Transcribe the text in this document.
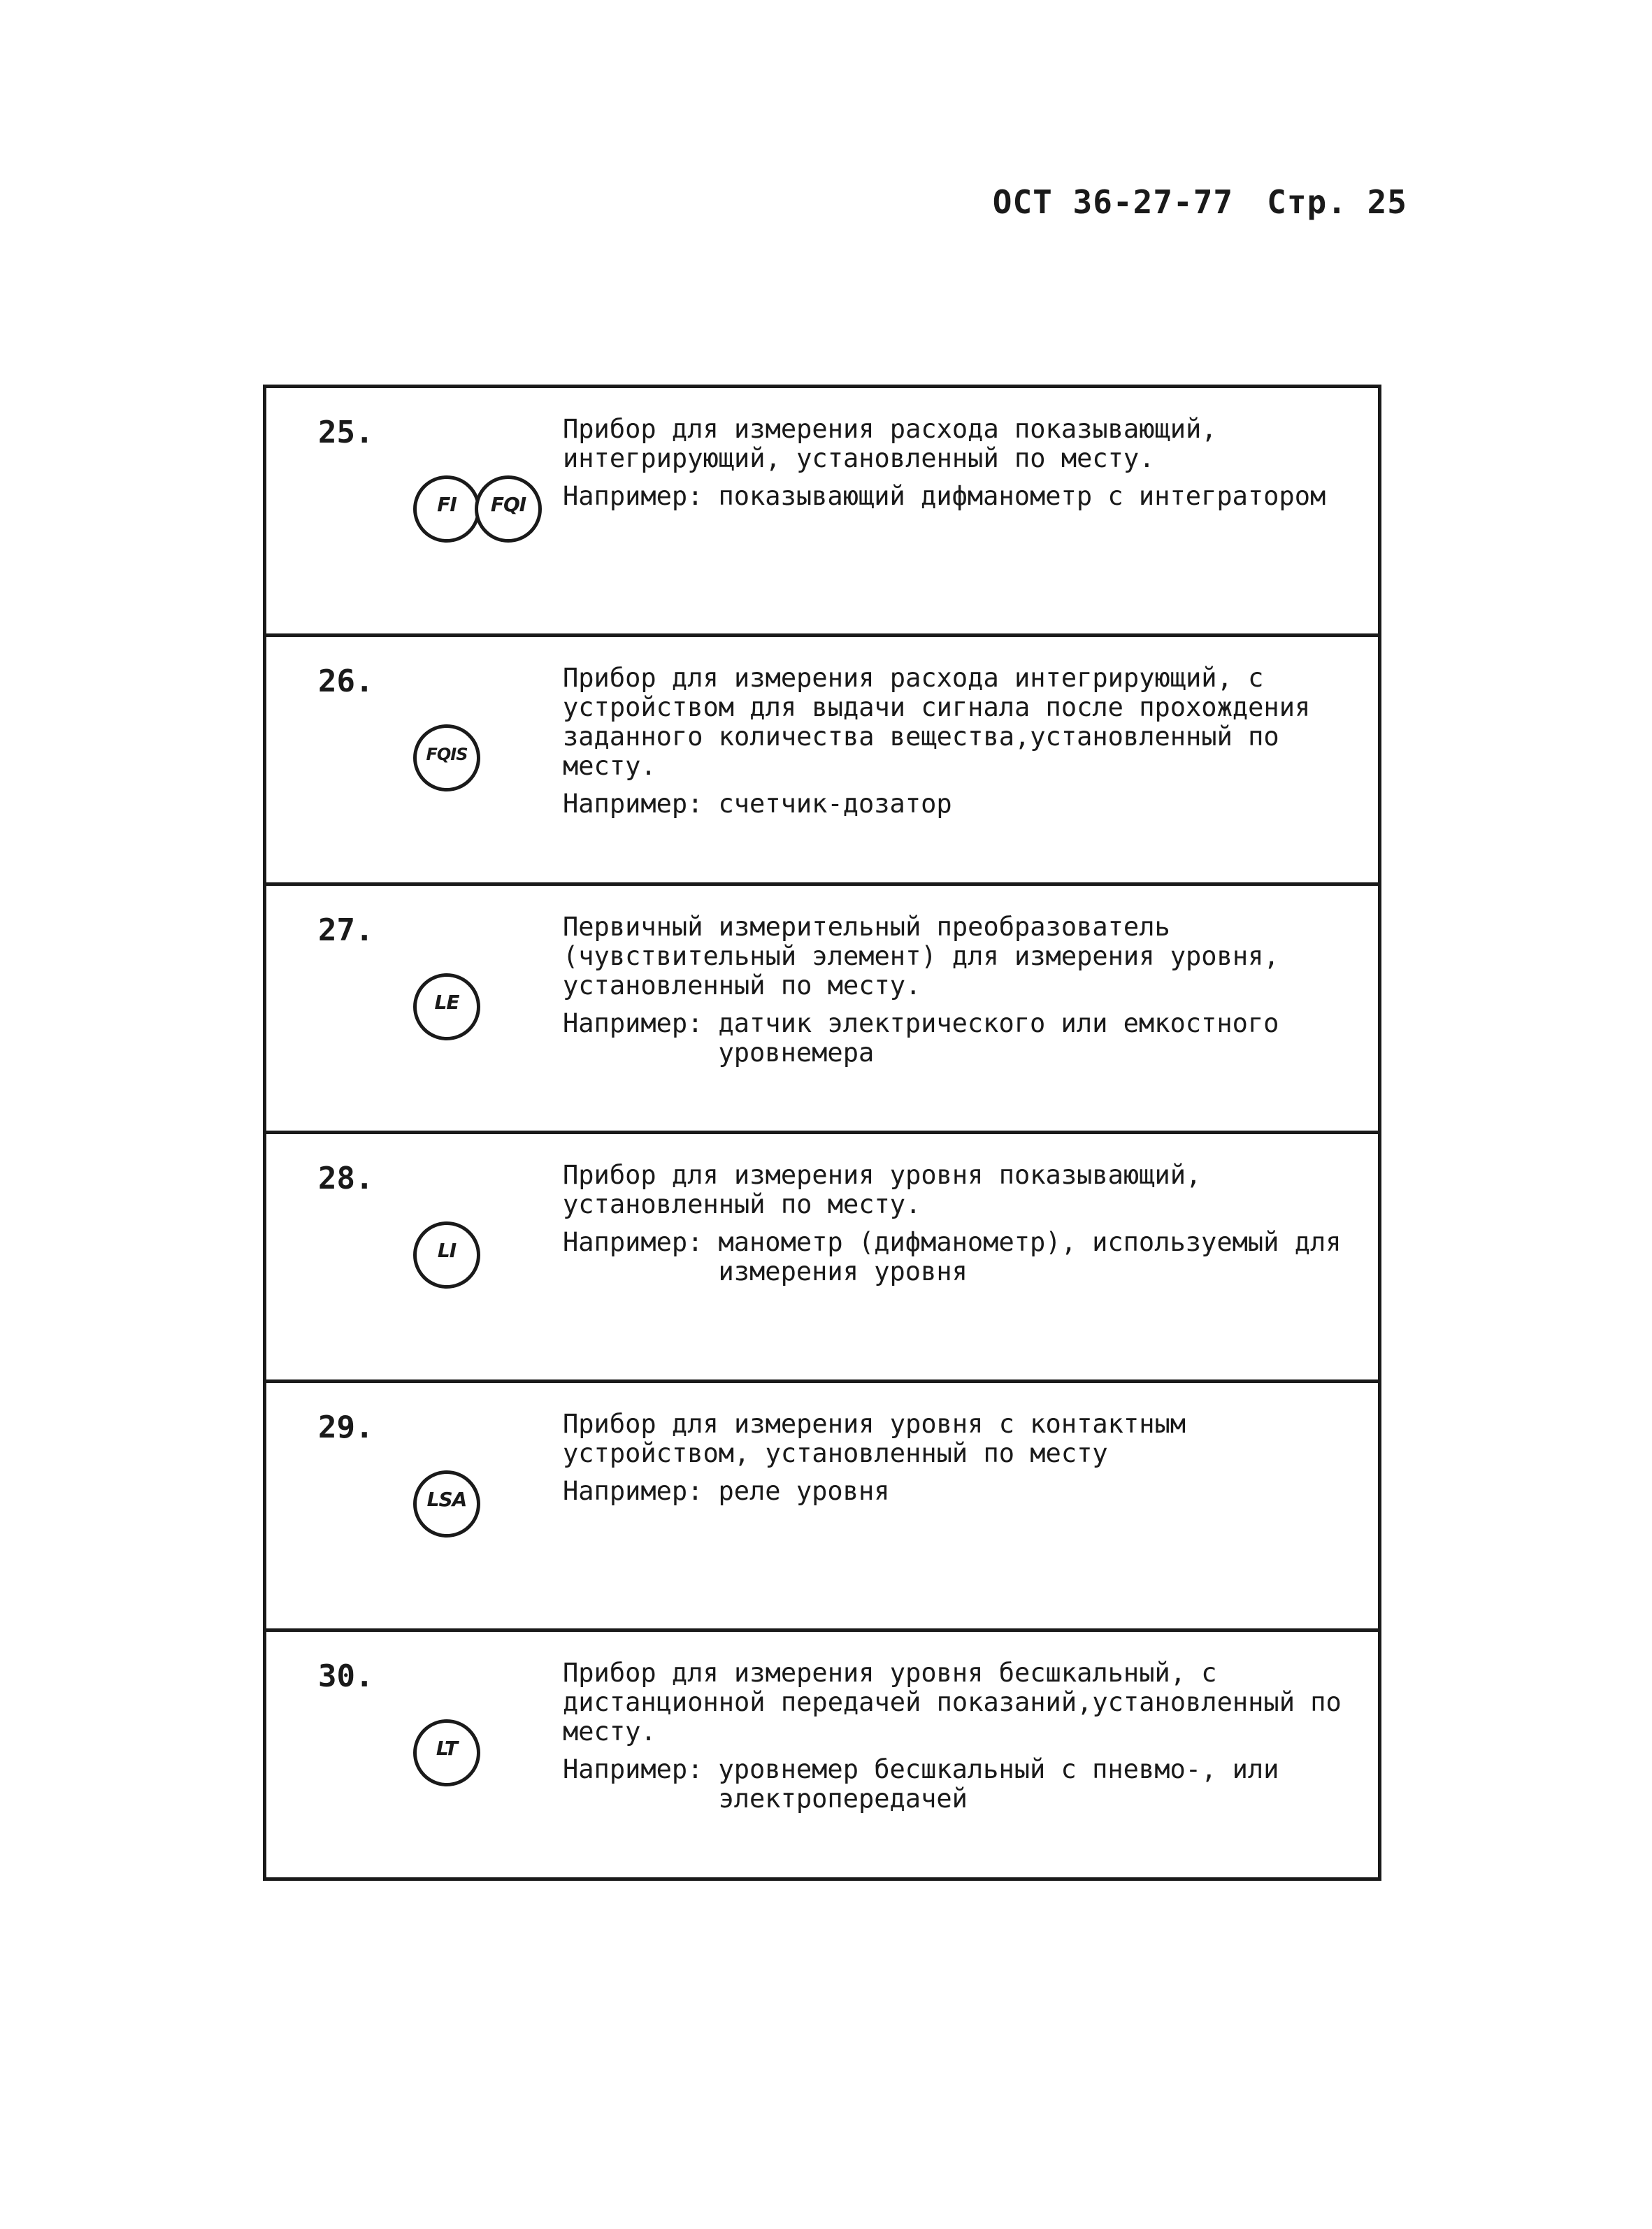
ОСТ 36-27-77 Стр. 25
25.
FI	FQI

Прибор для измерения расхода показывающий, интегрирующий, установленный по месту.

Например: показывающий дифманометр с интегратором
26.
FQIS

Прибор для измерения расхода интегрирующий, с устройством для выдачи сигнала после прохождения заданного количества вещества,установленный по месту.

Например: счетчик-дозатор
27.
LE

Первичный измерительный преобразователь (чувствительный элемент) для измерения уровня, установленный по месту.

Например: датчик электрического или емкостного уровнемера
28.
LI

Прибор для измерения уровня показывающий, установленный по месту.

Например: манометр (дифманометр), используемый для измерения уровня
29.
LSA

Прибор для измерения уровня с контактным устройством, установленный по месту

Например: реле уровня
30.
LT

Прибор для измерения уровня бесшкальный, с дистанционной передачей показаний,установленный по месту.

Например: уровнемер бесшкальный с пневмо-, или электропередачей
